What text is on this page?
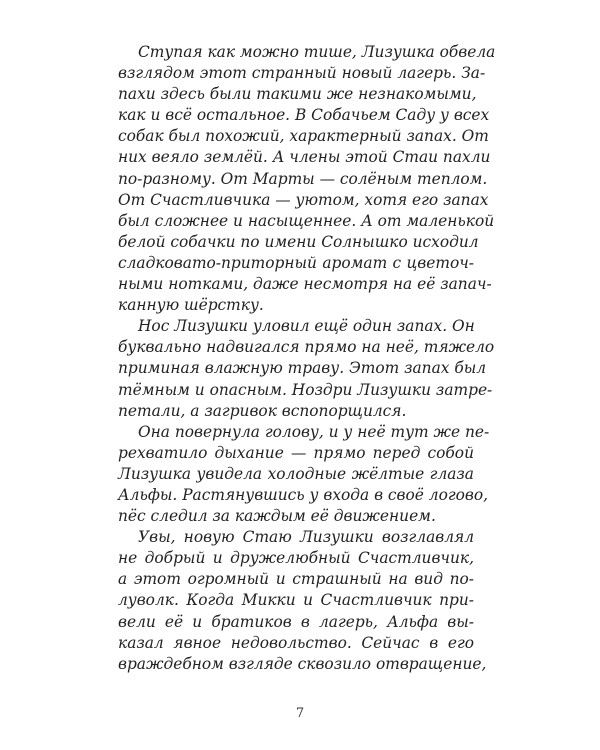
Ступая как можно тише, Лизушка обвела
взглядом этот странный новый лагерь. За-
пахи здесь были такими же незнакомыми,
как и всё остальное. В Собачьем Саду у всех
собак был похожий, характерный запах. От
них веяло землёй. А члены этой Стаи пахли
по-разному. От Марты — солёным теплом.
От Счастливчика — уютом, хотя его запах
был сложнее и насыщеннее. А от маленькой
белой собачки по имени Солнышко исходил
сладковато-приторный аромат с цветоч-
ными нотками, даже несмотря на её запач-
канную шёрстку.
Нос Лизушки уловил ещё один запах. Он
буквально надвигался прямо на неё, тяжело
приминая влажную траву. Этот запах был
тёмным и опасным. Ноздри Лизушки затре-
петали, а загривок вспопорщился.
Она повернула голову, и у неё тут же пе-
рехватило дыхание — прямо перед собой
Лизушка увидела холодные жёлтые глаза
Альфы. Растянувшись у входа в своё логово,
пёс следил за каждым её движением.
Увы, новую Стаю Лизушки возглавлял
не добрый и дружелюбный Счастливчик,
а этот огромный и страшный на вид по-
луволк. Когда Микки и Счастливчик при-
вели её и братиков в лагерь, Альфа вы-
казал явное недовольство. Сейчас в его
враждебном взгляде сквозило отвращение,
7
